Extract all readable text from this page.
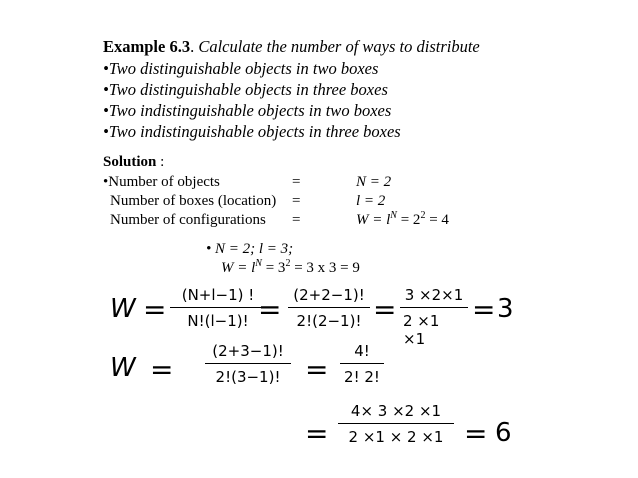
Example 6.3. Calculate the number of ways to distribute
•Two distinguishable objects in two boxes
•Two distinguishable objects in three boxes
•Two indistinguishable objects in two boxes
•Two indistinguishable objects in three boxes
Solution :
•Number of objects	=	N = 2
Number of boxes (location) =	l = 2
Number of configurations =	$W = l^N = 2^2 = 4$
• N = 2; l = 3;
$W = l^N = 3^2 = 3$ x 3 = 9
W = (N+l−1) !
N!(l−1)! = (2+2−1)!
2!(2−1)! = 3 ×2×1
2 ×1 ×1
= 3
W =
(2+3−1)!
2!(3−1)! =
4!
2! 2!
=
4× 3 ×2 ×1
2 ×1 × 2 ×1 = 6
